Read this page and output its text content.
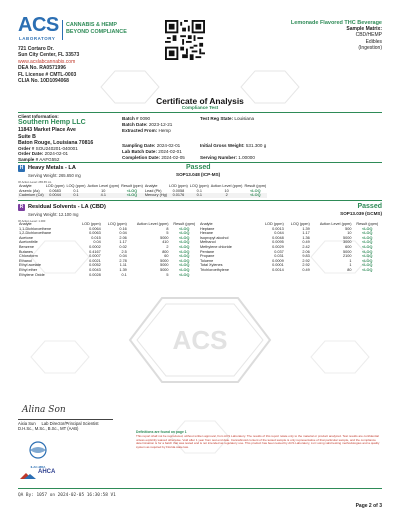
ACS
LABORATORY
CANNABIS & HEMP
BEYOND COMPLIANCE
721 Cortaro Dr.
Sun City Center, FL 33573
www.acslabcannabis.com
DEA No. RA0571996
FL License # CMTL-0003
CLIA No. 10D1094068
Lemonade Flavored THC Beverage
Sample Matrix:
CBD/HEMP
Edibles
(Ingestion)
Certificate of Analysis
Compliance Test
Client Information:
Southern Hemp LLC
11843 Market Place Ave
Suite B
Baton Rouge, Louisiana 70816
Order # SOU240201-040001
Order Date: 2024-02-01
Sample # AAFG552
Batch # 0090
Batch Date: 2023-12-21
Extracted From: Hemp
Test Reg State: Louisiana
Sampling Date: 2024-02-01
Lab Batch Date: 2024-02-01
Completion Date: 2024-02-05
Initial Gross Weight: 531.300 g

Serving Number: 1.00000
H Heavy Metals - LA	Passed
SOP13.048 (ICP-MS)
Serving Weight: 265.650 mg
Of Action Level: 265.65 mL
Analyte	LOD (ppm)	LOQ (ppm)	Action Level (ppm)	Result (ppm)	Analyte	LOD (ppm)	LOQ (ppm)	Action Level (ppm)	Result (ppm)
Arsenic (As)	0.0683	0.1	10	<LOQ	Lead (Pb)	0.0058	0.1	10	<LOQ
Cadmium (Cd)	0.0044	0.1	4.1	<LOQ	Mercury (Hg)	0.0176	0.1	2	<LOQ
R Residual Solvents - LA (CBD)	Passed
SOP13.039 (GCMS)
Serving Weight: 12.100 mg
Of Action Level: 1.000
Analyte	LOD (ppm)	LOQ (ppm)	Action Level (ppm)	Result (ppm)	Analyte	LOD (ppm)	LOQ (ppm)	Action Level (ppm)	Result (ppm)
1,1-Dichloroethene	0.0064	0.16	8	<LOQ	Heptane	0.0013	1.39	500	<LOQ
1,2-Dichloroethane	0.0063	0.04	5	<LOQ	Hexane	0.044	1.17	10	<LOQ
Acetone	0.015	2.06	5000	<LOQ	Isopropyl alcohol	0.0048	1.36	5000	<LOQ
Acetonitrile	0.04	1.17	410	<LOQ	Methanol	0.0095	0.49	3000	<LOQ
Benzene	0.0002	0.02	2	<LOQ	Methylene chloride	0.0029	2.42	600	<LOQ
Butanes	0.4167	2.5	800	<LOQ	Pentane	0.037	2.06	5000	<LOQ
Chloroform	0.0007	0.04	60	<LOQ	Propane	0.031	9.83	2100	<LOQ
Ethanol	0.0021	2.78	5000	<LOQ	Toluene	0.0009	2.92	1	<LOQ
Ethyl acetate	0.0052	1.11	5000	<LOQ	Total Xylenes	0.0001	2.92	1	<LOQ
Ethyl ether	0.0043	1.39	5000	<LOQ	Trichloroethylene	0.0014	0.49	80	<LOQ
Ethylene Oxide	0.0028	0.1	5	<LOQ					
ACS
Alina Son
Aixia Sun     Lab Director/Principal Scientist
D.H.Sc., M.Sc., B.Sc., MT (AAB)
ILAC-MRA
AHCA
Definitions are found on page 1
This report shall not be reproduced, without written approval, from ACS Laboratory. The results of this report relate only to the material or product analyzed. Test results are confidential unless explicitly waived otherwise. Void after 1 year from test end date. Cannabinoid content of the tested sample is only representative of that particular sample, and the compliance determination is for a batch that was tested and is not intended as regulatory use. This product has been tested by ACS Laboratory, LLC using valid testing methodologies and a quality system as required by Florida state law.
QA By: 1057 on 2024-02-05 16:30:58 V1
Page 2 of 3
